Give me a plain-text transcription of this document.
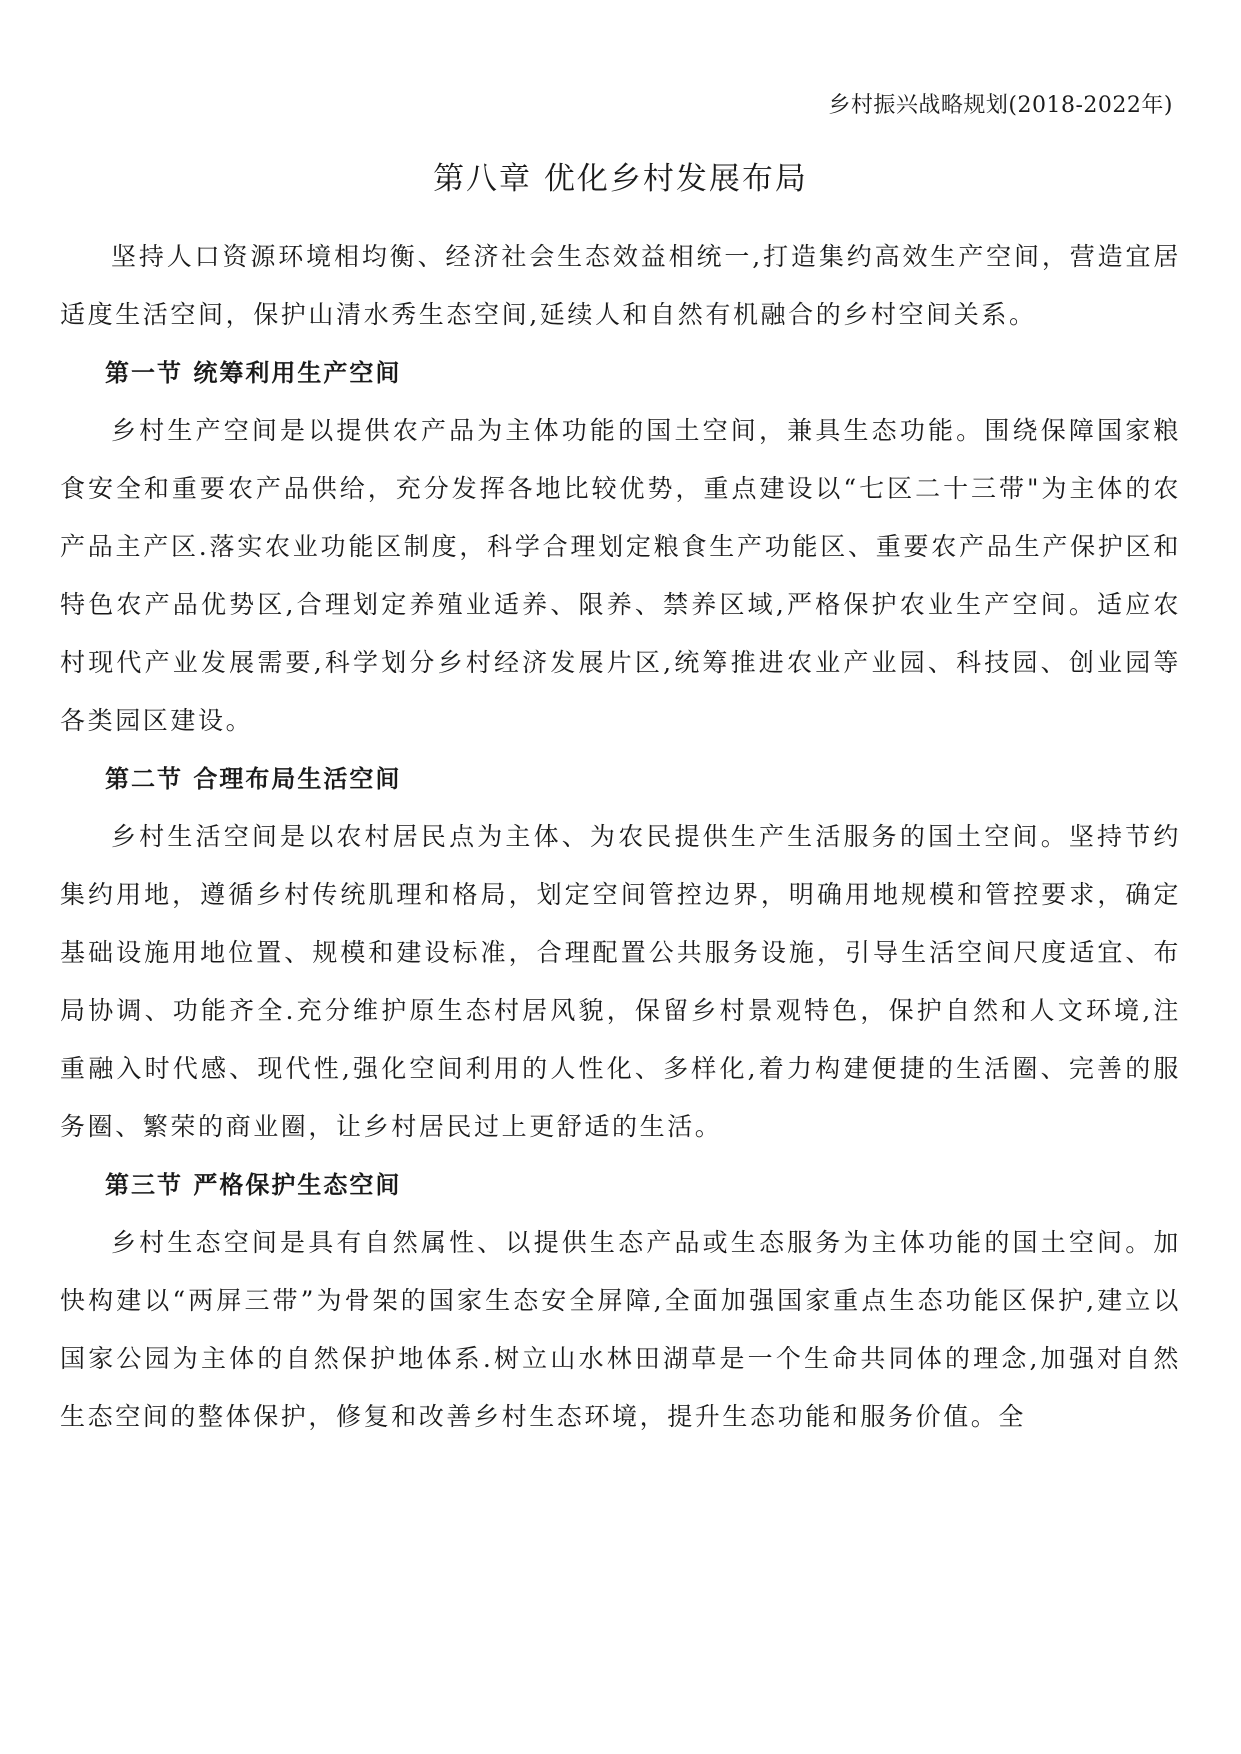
乡村振兴战略规划(2018-2022年)
第八章 优化乡村发展布局

坚持人口资源环境相均衡、经济社会生态效益相统一,打造集约高效生产空间，营造宜居适度生活空间，保护山清水秀生态空间,延续人和自然有机融合的乡村空间关系。

第一节 统筹利用生产空间

乡村生产空间是以提供农产品为主体功能的国土空间，兼具生态功能。围绕保障国家粮食安全和重要农产品供给，充分发挥各地比较优势，重点建设以“七区二十三带"为主体的农产品主产区.落实农业功能区制度，科学合理划定粮食生产功能区、重要农产品生产保护区和特色农产品优势区,合理划定养殖业适养、限养、禁养区域,严格保护农业生产空间。适应农村现代产业发展需要,科学划分乡村经济发展片区,统筹推进农业产业园、科技园、创业园等各类园区建设。

第二节 合理布局生活空间

乡村生活空间是以农村居民点为主体、为农民提供生产生活服务的国土空间。坚持节约集约用地，遵循乡村传统肌理和格局，划定空间管控边界，明确用地规模和管控要求，确定基础设施用地位置、规模和建设标准，合理配置公共服务设施，引导生活空间尺度适宜、布局协调、功能齐全.充分维护原生态村居风貌，保留乡村景观特色，保护自然和人文环境,注重融入时代感、现代性,强化空间利用的人性化、多样化,着力构建便捷的生活圈、完善的服务圈、繁荣的商业圈，让乡村居民过上更舒适的生活。

第三节 严格保护生态空间

乡村生态空间是具有自然属性、以提供生态产品或生态服务为主体功能的国土空间。加快构建以“两屏三带”为骨架的国家生态安全屏障,全面加强国家重点生态功能区保护,建立以国家公园为主体的自然保护地体系.树立山水林田湖草是一个生命共同体的理念,加强对自然生态空间的整体保护，修复和改善乡村生态环境，提升生态功能和服务价值。全
